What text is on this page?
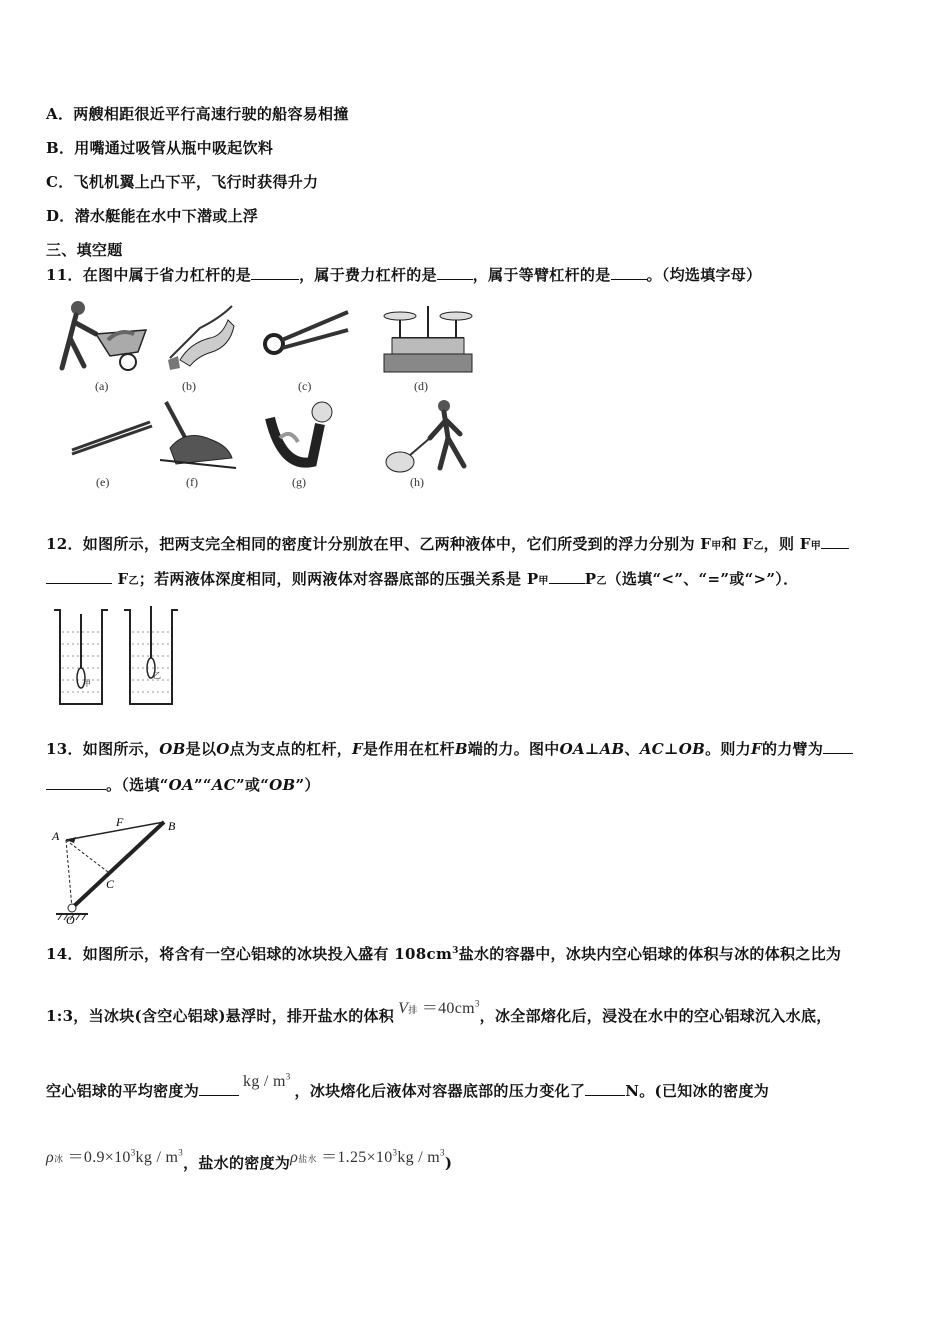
A．两艘相距很近平行高速行驶的船容易相撞
B．用嘴通过吸管从瓶中吸起饮料
C．飞机机翼上凸下平，飞行时获得升力
D．潜水艇能在水中下潜或上浮
三、填空题
11．在图中属于省力杠杆的是	，属于费力杠杆的是 ，属于等臂杠杆的是 。（均选填字母）
(a)	(b)	(c)	(d)
(e)	(f)	(g)	(h)
12．如图所示，把两支完全相同的密度计分别放在甲、乙两种液体中，它们所受到的浮力分别为 F甲和 F乙，则 F甲
F乙；若两液体深度相同，则两液体对容器底部的压强关系是 P甲 P乙（选填“<”、“=”或“>”）．
甲
乙
13．如图所示，OB是以O点为支点的杠杆，F是作用在杠杆B端的力。图中OA⊥AB、AC⊥OB。则力F的力臂为
。（选填“OA”“AC”或“OB”）
A
F	B
C
O
14．如图所示，将含有一空心铝球的冰块投入盛有 $108cm^3$盐水的容器中，冰块内空心铝球的体积与冰的体积之比为
1:3，当冰块(含空心铝球)悬浮时，排开盐水的体积 V排 $=40cm^3$，冰全部熔化后，浸没在水中的空心铝球沉入水底，
空心铝球的平均密度为kg / $m^3$，冰块熔化后液体对容器底部的压力变化了	N。(已知冰的密度为
ρ冰 $=0.9\times 10^3kg / m^3$，盐水的密度为ρ盐水 $=1.25\times 10^3kg / m^3$)
